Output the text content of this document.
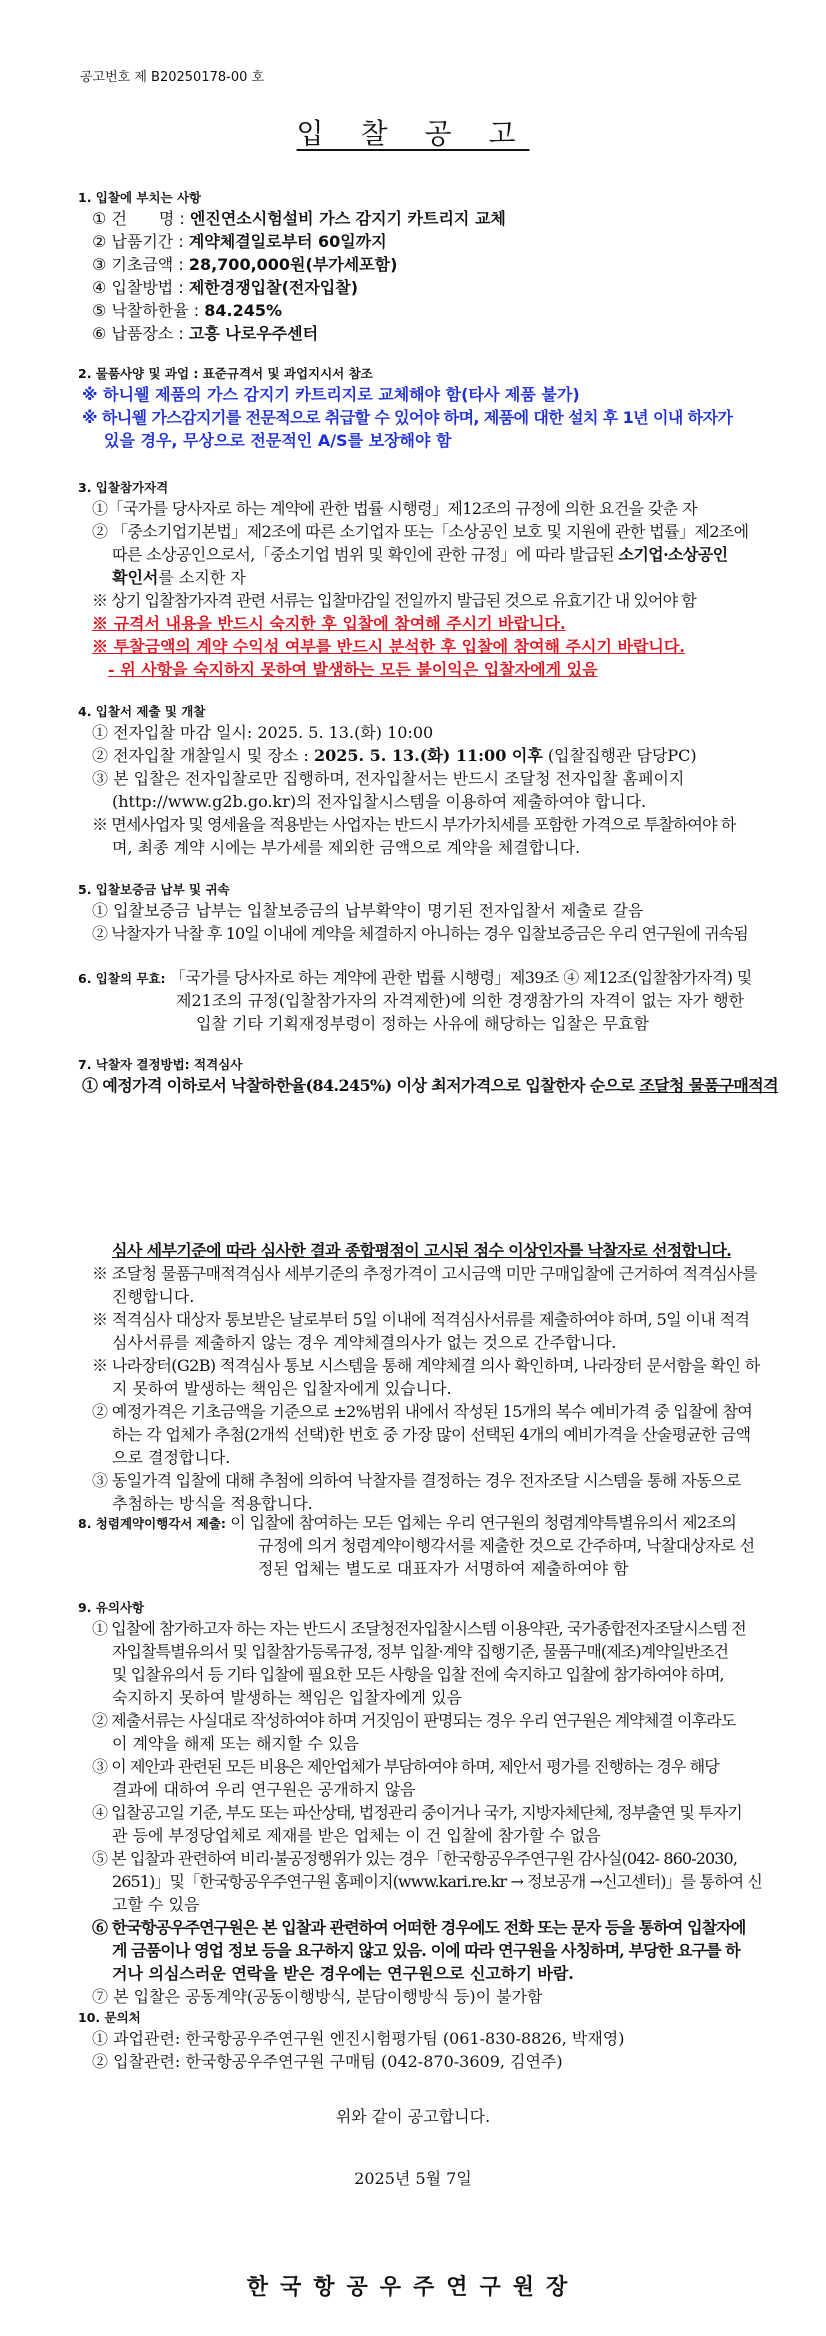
공고번호 제 B20250178-00 호
입 찰 공 고
1. 입찰에 부치는 사항
① 건　　명 : 엔진연소시험설비 가스 감지기 카트리지 교체
② 납품기간 : 계약체결일로부터 60일까지
③ 기초금액 : 28,700,000원(부가세포함)
④ 입찰방법 : 제한경쟁입찰(전자입찰)
⑤ 낙찰하한율 : 84.245%
⑥ 납품장소 : 고흥 나로우주센터
2. 물품사양 및 과업 : 표준규격서 및 과업지시서 참조
※ 하니웰 제품의 가스 감지기 카트리지로 교체해야 함(타사 제품 불가)
※ 하니웰 가스감지기를 전문적으로 취급할 수 있어야 하며, 제품에 대한 설치 후 1년 이내 하자가
있을 경우, 무상으로 전문적인 A/S를 보장해야 함
3. 입찰참가자격
①「국가를 당사자로 하는 계약에 관한 법률 시행령」제12조의 규정에 의한 요건을 갖춘 자
② 「중소기업기본법」제2조에 따른 소기업자 또는「소상공인 보호 및 지원에 관한 법률」제2조에
따른 소상공인으로서,「중소기업 범위 및 확인에 관한 규정」에 따라 발급된 소기업·소상공인
확인서를 소지한 자
※ 상기 입찰참가자격 관련 서류는 입찰마감일 전일까지 발급된 것으로 유효기간 내 있어야 함
※ 규격서 내용을 반드시 숙지한 후 입찰에 참여해 주시기 바랍니다.
※ 투찰금액의 계약 수익성 여부를 반드시 분석한 후 입찰에 참여해 주시기 바랍니다.
- 위 사항을 숙지하지 못하여 발생하는 모든 불이익은 입찰자에게 있음
4. 입찰서 제출 및 개찰
① 전자입찰 마감 일시: 2025. 5. 13.(화) 10:00
② 전자입찰 개찰일시 및 장소 : 2025. 5. 13.(화) 11:00 이후 (입찰집행관 담당PC)
③ 본 입찰은 전자입찰로만 집행하며, 전자입찰서는 반드시 조달청 전자입찰 홈페이지
(http://www.g2b.go.kr)의 전자입찰시스템을 이용하여 제출하여야 합니다.
※ 면세사업자 및 영세율을 적용받는 사업자는 반드시 부가가치세를 포함한 가격으로 투찰하여야 하
며, 최종 계약 시에는 부가세를 제외한 금액으로 계약을 체결합니다.
5. 입찰보증금 납부 및 귀속
① 입찰보증금 납부는 입찰보증금의 납부확약이 명기된 전자입찰서 제출로 갈음
② 낙찰자가 낙찰 후 10일 이내에 계약을 체결하지 아니하는 경우 입찰보증금은 우리 연구원에 귀속됨
6. 입찰의 무효: 「국가를 당사자로 하는 계약에 관한 법률 시행령」제39조 ④ 제12조(입찰참가자격) 및
제21조의 규정(입찰참가자의 자격제한)에 의한 경쟁참가의 자격이 없는 자가 행한
입찰 기타 기획재정부령이 정하는 사유에 해당하는 입찰은 무효함
7. 낙찰자 결정방법: 적격심사
① 예정가격 이하로서 낙찰하한율(84.245%) 이상 최저가격으로 입찰한자 순으로 조달청 물품구매적격
심사 세부기준에 따라 심사한 결과 종합평점이 고시된 점수 이상인자를 낙찰자로 선정합니다.
※ 조달청 물품구매적격심사 세부기준의 추정가격이 고시금액 미만 구매입찰에 근거하여 적격심사를
진행합니다.
※ 적격심사 대상자 통보받은 날로부터 5일 이내에 적격심사서류를 제출하여야 하며, 5일 이내 적격
심사서류를 제출하지 않는 경우 계약체결의사가 없는 것으로 간주합니다.
※ 나라장터(G2B) 적격심사 통보 시스템을 통해 계약체결 의사 확인하며, 나라장터 문서함을 확인 하
지 못하여 발생하는 책임은 입찰자에게 있습니다.
② 예정가격은 기초금액을 기준으로 ±2%범위 내에서 작성된 15개의 복수 예비가격 중 입찰에 참여
하는 각 업체가 추첨(2개씩 선택)한 번호 중 가장 많이 선택된 4개의 예비가격을 산술평균한 금액
으로 결정합니다.
③ 동일가격 입찰에 대해 추첨에 의하여 낙찰자를 결정하는 경우 전자조달 시스템을 통해 자동으로
추첨하는 방식을 적용합니다.
8. 청렴계약이행각서 제출: 이 입찰에 참여하는 모든 업체는 우리 연구원의 청렴계약특별유의서 제2조의
규정에 의거 청렴계약이행각서를 제출한 것으로 간주하며, 낙찰대상자로 선
정된 업체는 별도로 대표자가 서명하여 제출하여야 함
9. 유의사항
① 입찰에 참가하고자 하는 자는 반드시 조달청전자입찰시스템 이용약관, 국가종합전자조달시스템 전
자입찰특별유의서 및 입찰참가등록규정, 정부 입찰·계약 집행기준, 물품구매(제조)계약일반조건
및 입찰유의서 등 기타 입찰에 필요한 모든 사항을 입찰 전에 숙지하고 입찰에 참가하여야 하며,
숙지하지 못하여 발생하는 책임은 입찰자에게 있음
② 제출서류는 사실대로 작성하여야 하며 거짓임이 판명되는 경우 우리 연구원은 계약체결 이후라도
이 계약을 해제 또는 해지할 수 있음
③ 이 제안과 관련된 모든 비용은 제안업체가 부담하여야 하며, 제안서 평가를 진행하는 경우 해당
결과에 대하여 우리 연구원은 공개하지 않음
④ 입찰공고일 기준, 부도 또는 파산상태, 법정관리 중이거나 국가, 지방자체단체, 정부출연 및 투자기
관 등에 부정당업체로 제재를 받은 업체는 이 건 입찰에 참가할 수 없음
⑤ 본 입찰과 관련하여 비리·불공정행위가 있는 경우「한국항공우주연구원 감사실(042- 860-2030,
2651)」및「한국항공우주연구원 홈페이지(www.kari.re.kr → 정보공개 →신고센터)」를 통하여 신
고할 수 있음
⑥ 한국항공우주연구원은 본 입찰과 관련하여 어떠한 경우에도 전화 또는 문자 등을 통하여 입찰자에
게 금품이나 영업 정보 등을 요구하지 않고 있음. 이에 따라 연구원을 사칭하며, 부당한 요구를 하
거나 의심스러운 연락을 받은 경우에는 연구원으로 신고하기 바람.
⑦ 본 입찰은 공동계약(공동이행방식, 분담이행방식 등)이 불가함
10. 문의처
① 과업관련: 한국항공우주연구원 엔진시험평가팀 (061-830-8826, 박재영)
② 입찰관련: 한국항공우주연구원 구매팀 (042-870-3609, 김연주)
위와 같이 공고합니다.
2025년 5월 7일
한국항공우주연구원장
